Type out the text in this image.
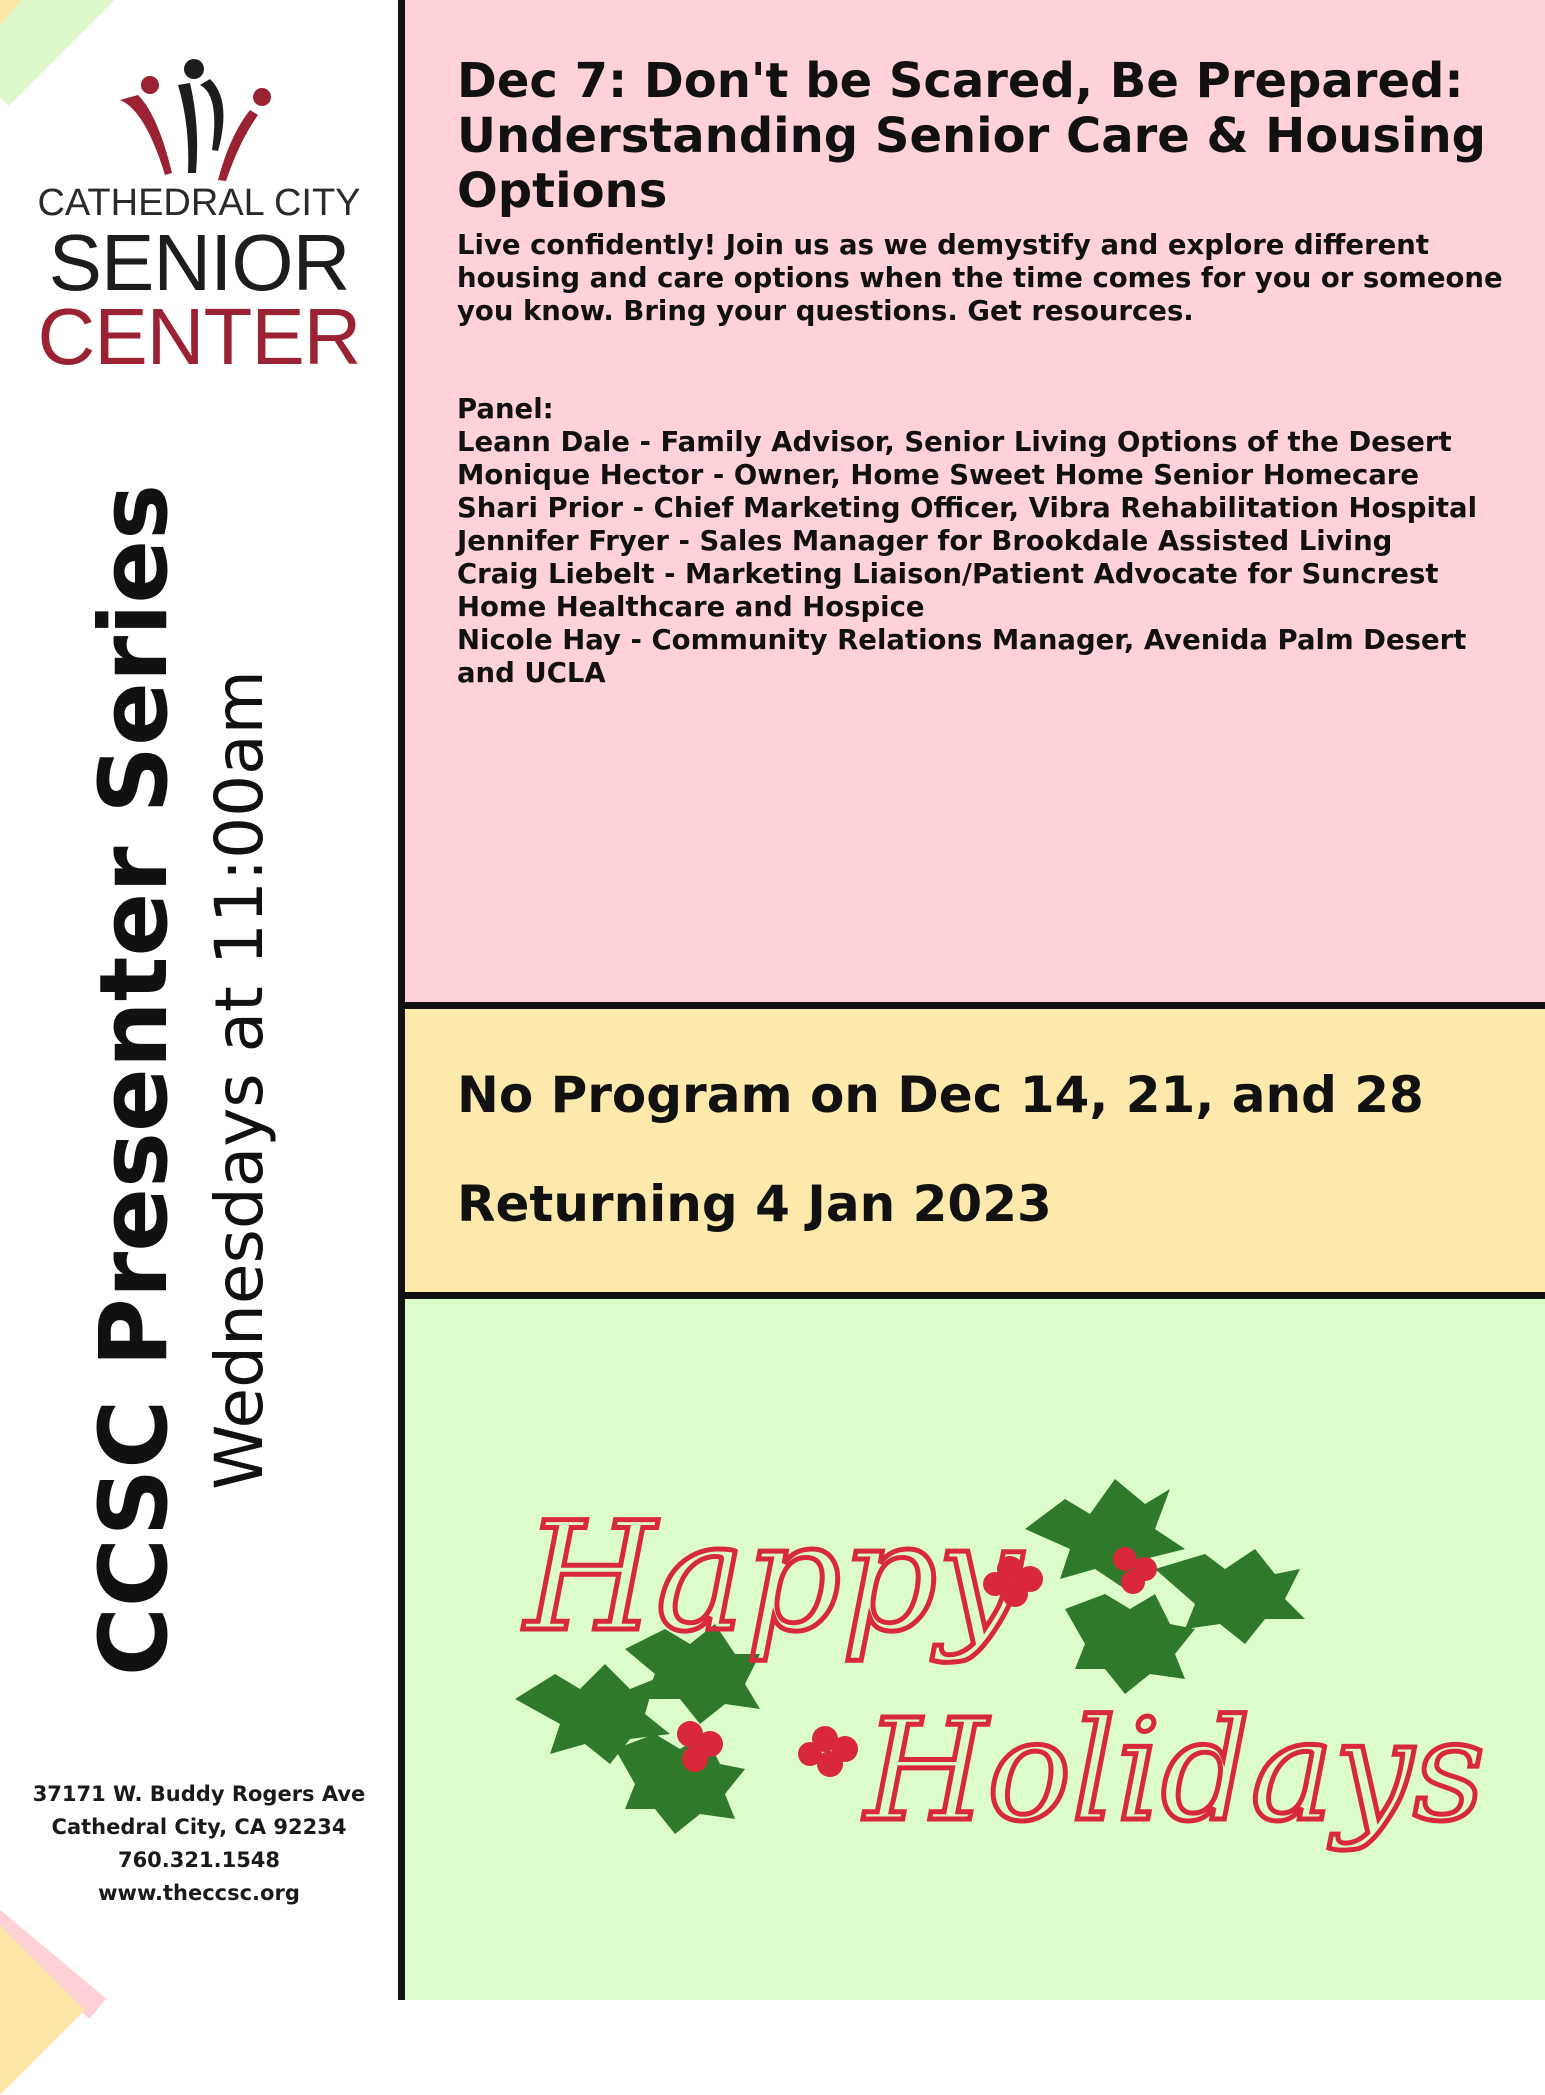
CATHEDRAL CITY
SENIOR
CENTER
CCSC Presenter Series Wednesdays at 11:00am
37171 W. Buddy Rogers Ave
Cathedral City, CA 92234
760.321.1548
www.theccsc.org
Dec 7: Don't be Scared, Be Prepared: Understanding Senior Care & Housing Options
Live confidently! Join us as we demystify and explore different housing and care options when the time comes for you or someone you know. Bring your questions. Get resources.
Panel:
Leann Dale - Family Advisor, Senior Living Options of the Desert
Monique Hector - Owner, Home Sweet Home Senior Homecare
Shari Prior - Chief Marketing Officer, Vibra Rehabilitation Hospital
Jennifer Fryer - Sales Manager for Brookdale Assisted Living
Craig Liebelt - Marketing Liaison/Patient Advocate for Suncrest Home Healthcare and Hospice
Nicole Hay - Community Relations Manager, Avenida Palm Desert and UCLA
No Program on Dec 14, 21, and 28
Returning 4 Jan 2023
Happy
Holidays
